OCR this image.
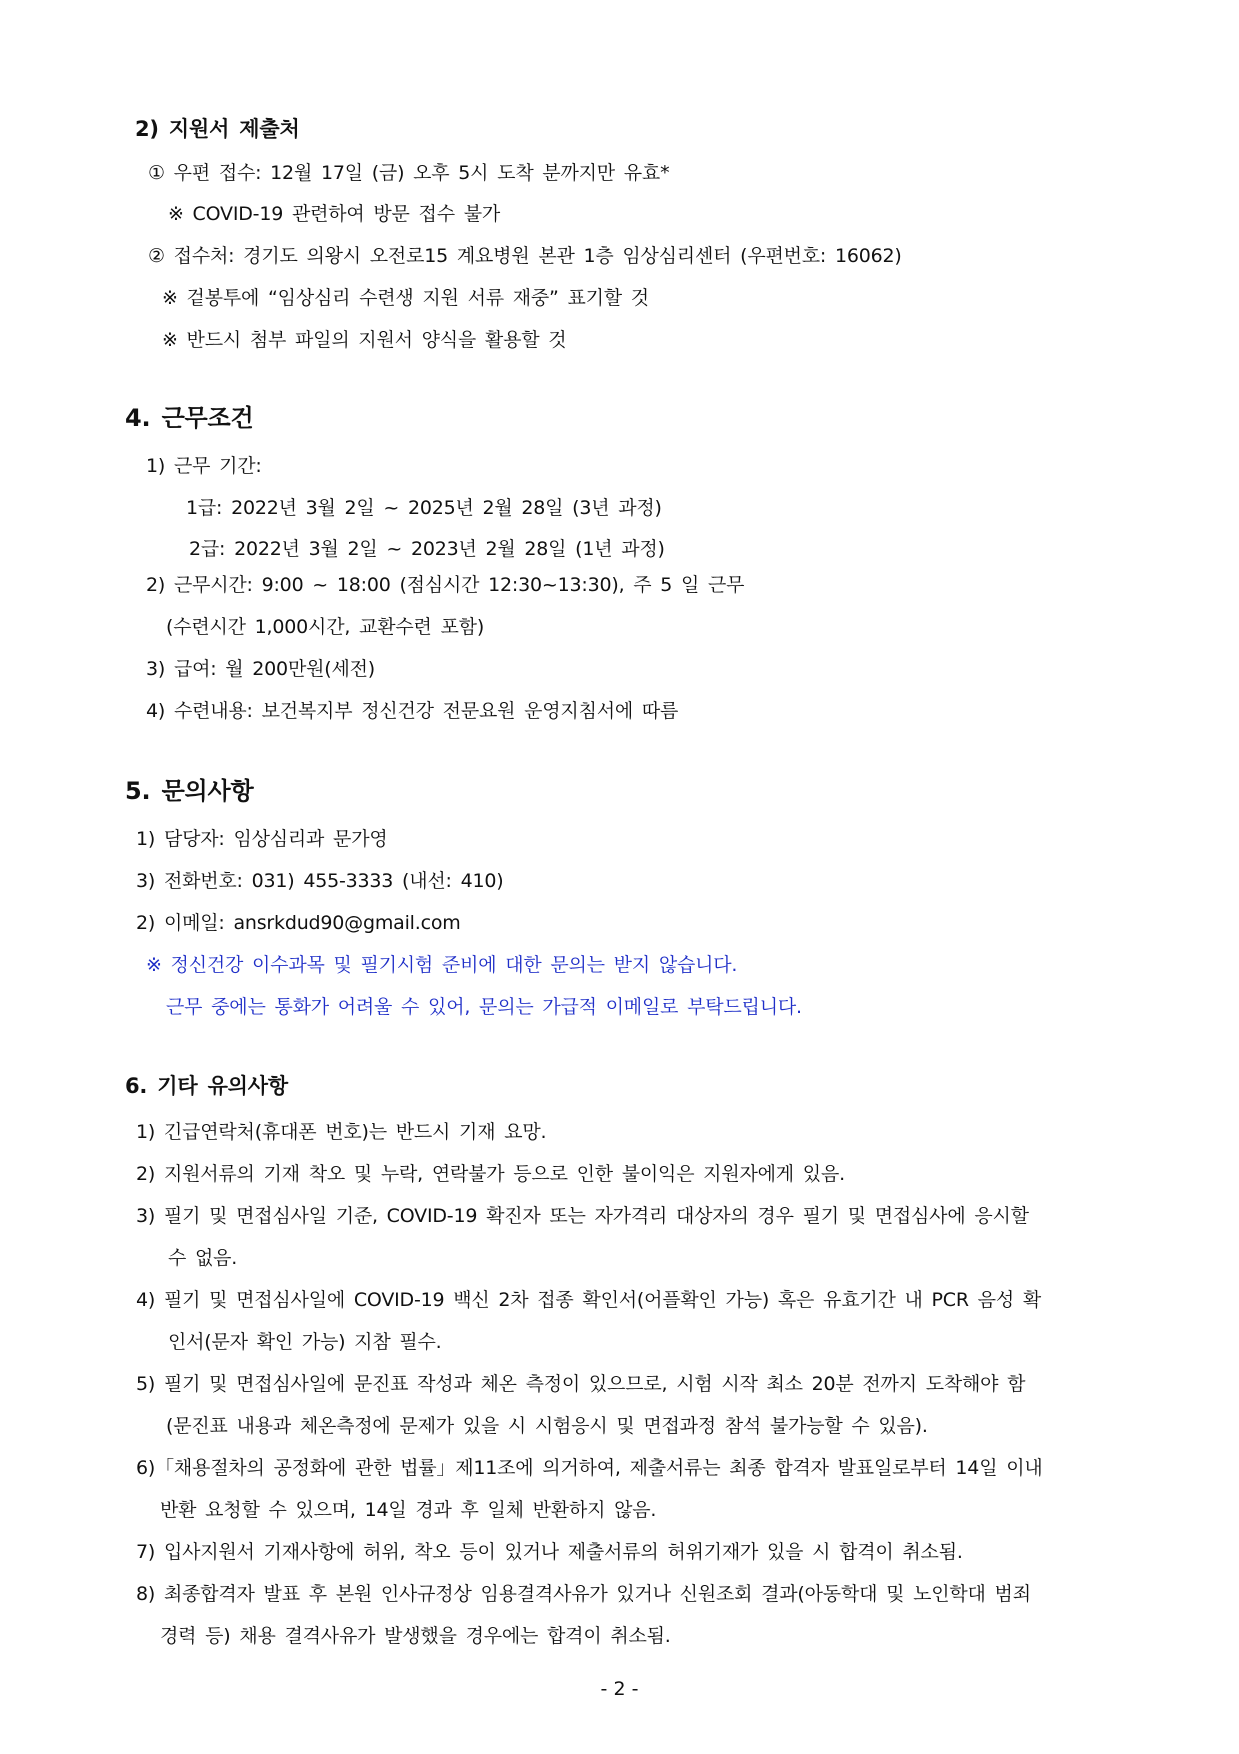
2) 지원서 제출처
① 우편 접수: 12월 17일 (금) 오후 5시 도착 분까지만 유효*
※ COVID-19 관련하여 방문 접수 불가
② 접수처: 경기도 의왕시 오전로15 계요병원 본관 1층 임상심리센터 (우편번호: 16062)
※ 겉봉투에 “임상심리 수련생 지원 서류 재중” 표기할 것
※ 반드시 첨부 파일의 지원서 양식을 활용할 것
4. 근무조건
1) 근무 기간:
1급: 2022년 3월 2일 ~ 2025년 2월 28일 (3년 과정)
2급: 2022년 3월 2일 ~ 2023년 2월 28일 (1년 과정)
2) 근무시간: 9:00 ~ 18:00 (점심시간 12:30~13:30), 주 5 일 근무
(수련시간 1,000시간, 교환수련 포함)
3) 급여: 월 200만원(세전)
4) 수련내용: 보건복지부 정신건강 전문요원 운영지침서에 따름
5. 문의사항
1) 담당자: 임상심리과 문가영
3) 전화번호: 031) 455-3333 (내선: 410)
2) 이메일: ansrkdud90@gmail.com
※ 정신건강 이수과목 및 필기시험 준비에 대한 문의는 받지 않습니다.
근무 중에는 통화가 어려울 수 있어, 문의는 가급적 이메일로 부탁드립니다.
6. 기타 유의사항
1) 긴급연락처(휴대폰 번호)는 반드시 기재 요망.
2) 지원서류의 기재 착오 및 누락, 연락불가 등으로 인한 불이익은 지원자에게 있음.
3) 필기 및 면접심사일 기준, COVID-19 확진자 또는 자가격리 대상자의 경우 필기 및 면접심사에 응시할
수 없음.
4) 필기 및 면접심사일에 COVID-19 백신 2차 접종 확인서(어플확인 가능) 혹은 유효기간 내 PCR 음성 확
인서(문자 확인 가능) 지참 필수.
5) 필기 및 면접심사일에 문진표 작성과 체온 측정이 있으므로, 시험 시작 최소 20분 전까지 도착해야 함
(문진표 내용과 체온측정에 문제가 있을 시 시험응시 및 면접과정 참석 불가능할 수 있음).
6)「채용절차의 공정화에 관한 법률」제11조에 의거하여, 제출서류는 최종 합격자 발표일로부터 14일 이내
반환 요청할 수 있으며, 14일 경과 후 일체 반환하지 않음.
7) 입사지원서 기재사항에 허위, 착오 등이 있거나 제출서류의 허위기재가 있을 시 합격이 취소됨.
8) 최종합격자 발표 후 본원 인사규정상 임용결격사유가 있거나 신원조회 결과(아동학대 및 노인학대 범죄
경력 등) 채용 결격사유가 발생했을 경우에는 합격이 취소됨.
- 2 -
